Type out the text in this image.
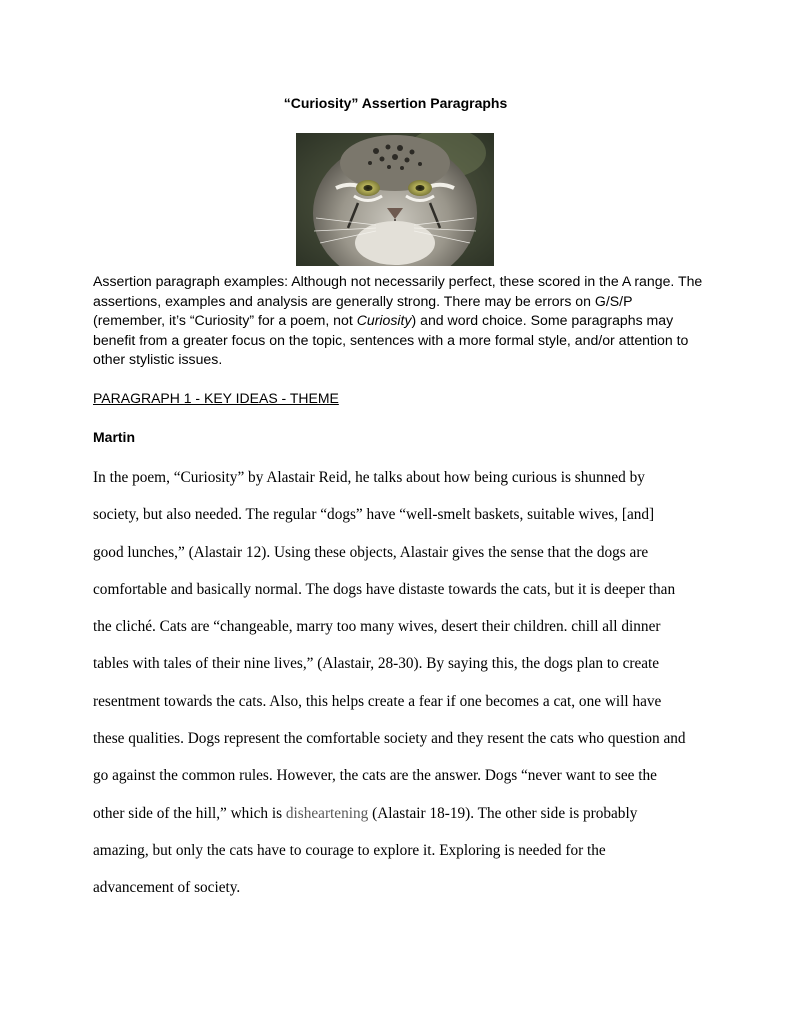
“Curiosity” Assertion Paragraphs
Assertion paragraph examples: Although not necessarily perfect, these scored in the A range. The assertions, examples and analysis are generally strong. There may be errors on G/S/P (remember, it’s “Curiosity” for a poem, not Curiosity) and word choice. Some paragraphs may benefit from a greater focus on the topic, sentences with a more formal style, and/or attention to other stylistic issues.
PARAGRAPH 1 - KEY IDEAS - THEME
Martin
In the poem, “Curiosity” by Alastair Reid, he talks about how being curious is shunned by
society, but also needed. The regular “dogs” have “well-smelt baskets, suitable wives, [and]
good lunches,” (Alastair 12). Using these objects, Alastair gives the sense that the dogs are
comfortable and basically normal. The dogs have distaste towards the cats, but it is deeper than
the cliché. Cats are “changeable, marry too many wives, desert their children. chill all dinner
tables with tales of their nine lives,” (Alastair, 28-30). By saying this, the dogs plan to create
resentment towards the cats. Also, this helps create a fear if one becomes a cat, one will have
these qualities. Dogs represent the comfortable society and they resent the cats who question and
go against the common rules. However, the cats are the answer. Dogs “never want to see the
other side of the hill,” which is disheartening (Alastair 18-19). The other side is probably
amazing, but only the cats have to courage to explore it. Exploring is needed for the
advancement of society.
